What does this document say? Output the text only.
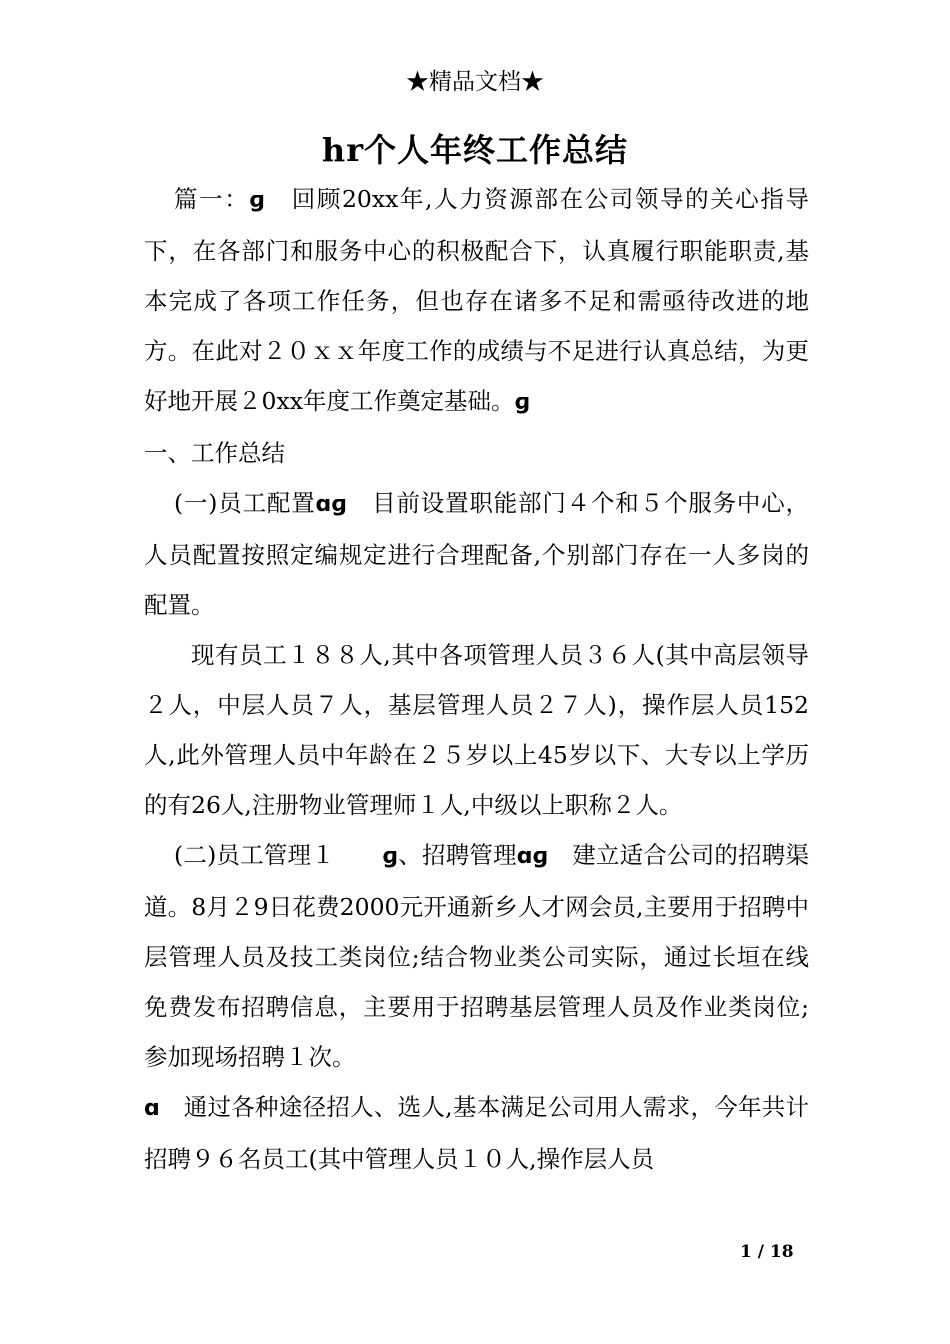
★精品文档★
hr个人年终工作总结

篇一：ɡ　回顾20xx年,人力资源部在公司领导的关心指导下，在各部门和服务中心的积极配合下，认真履行职能职责,基本完成了各项工作任务，但也存在诸多不足和需亟待改进的地方。在此对２０ｘｘ年度工作的成绩与不足进行认真总结，为更好地开展２0xx年度工作奠定基础。ɡ

一、工作总结

(一)员工配置ɑɡ　目前设置职能部门４个和５个服务中心，人员配置按照定编规定进行合理配备,个别部门存在一人多岗的配置。

现有员工１８８人,其中各项管理人员３６人(其中高层领导２人，中层人员７人，基层管理人员２７人)，操作层人员152人,此外管理人员中年龄在２５岁以上45岁以下、大专以上学历的有26人,注册物业管理师１人,中级以上职称２人。

(二)员工管理１　　ɡ、招聘管理ɑɡ　建立适合公司的招聘渠道。8月２9日花费2000元开通新乡人才网会员,主要用于招聘中层管理人员及技工类岗位;结合物业类公司实际，通过长垣在线免费发布招聘信息，主要用于招聘基层管理人员及作业类岗位;参加现场招聘１次。

ɑ　通过各种途径招人、选人,基本满足公司用人需求，今年共计招聘９６名员工(其中管理人员１０人,操作层人员

1 / 18
